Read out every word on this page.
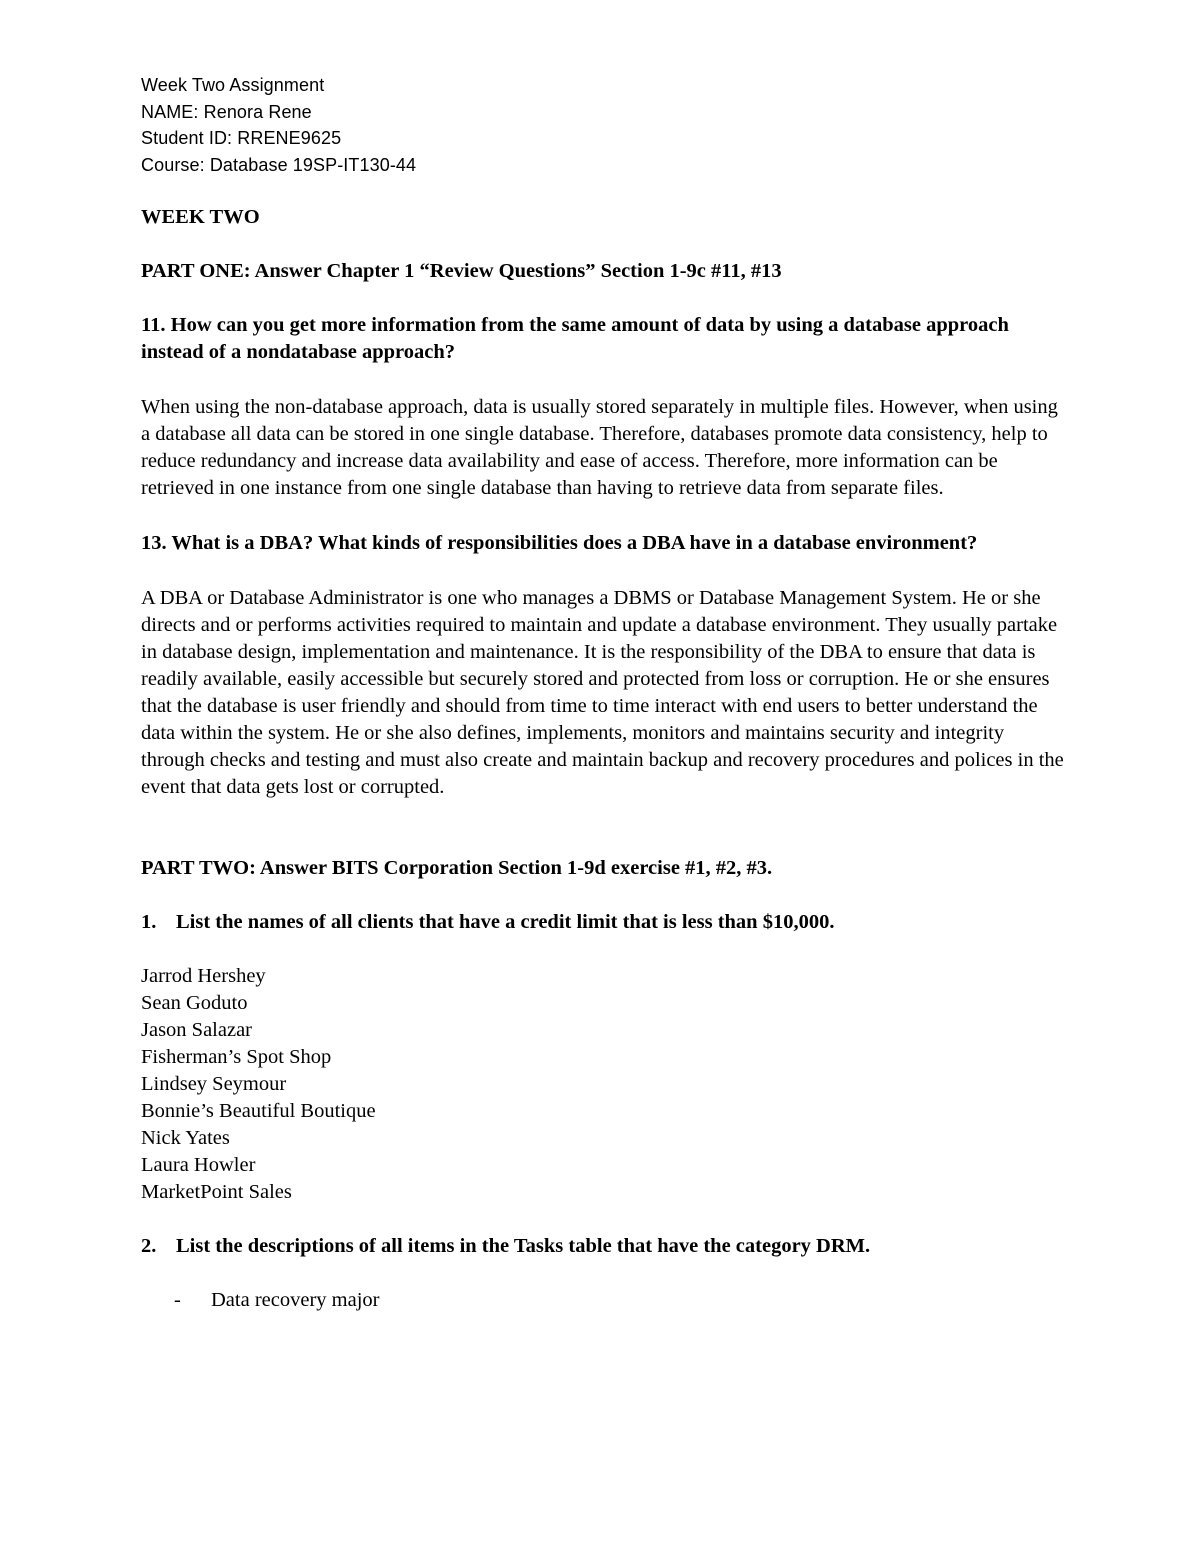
Week Two Assignment

NAME: Renora Rene

Student ID: RRENE9625

Course: Database 19SP-IT130-44

WEEK TWO

PART ONE: Answer Chapter 1 “Review Questions” Section 1-9c #11, #13

11. How can you get more information from the same amount of data by using a database approach instead of a nondatabase approach?

When using the non-database approach, data is usually stored separately in multiple files. However, when using a database all data can be stored in one single database. Therefore, databases promote data consistency, help to reduce redundancy and increase data availability and ease of access. Therefore, more information can be retrieved in one instance from one single database than having to retrieve data from separate files.

13. What is a DBA? What kinds of responsibilities does a DBA have in a database environment?

A DBA or Database Administrator is one who manages a DBMS or Database Management System. He or she directs and or performs activities required to maintain and update a database environment. They usually partake in database design, implementation and maintenance. It is the responsibility of the DBA to ensure that data is readily available, easily accessible but securely stored and protected from loss or corruption. He or she ensures that the database is user friendly and should from time to time interact with end users to better understand the data within the system. He or she also defines, implements, monitors and maintains security and integrity through checks and testing and must also create and maintain backup and recovery procedures and polices in the event that data gets lost or corrupted.

PART TWO: Answer BITS Corporation Section 1-9d exercise #1, #2, #3.

1. List the names of all clients that have a credit limit that is less than $10,000.

Jarrod Hershey
Sean Goduto
Jason Salazar
Fisherman’s Spot Shop
Lindsey Seymour
Bonnie’s Beautiful Boutique
Nick Yates
Laura Howler
MarketPoint Sales

2. List the descriptions of all items in the Tasks table that have the category DRM.

-	Data recovery major
